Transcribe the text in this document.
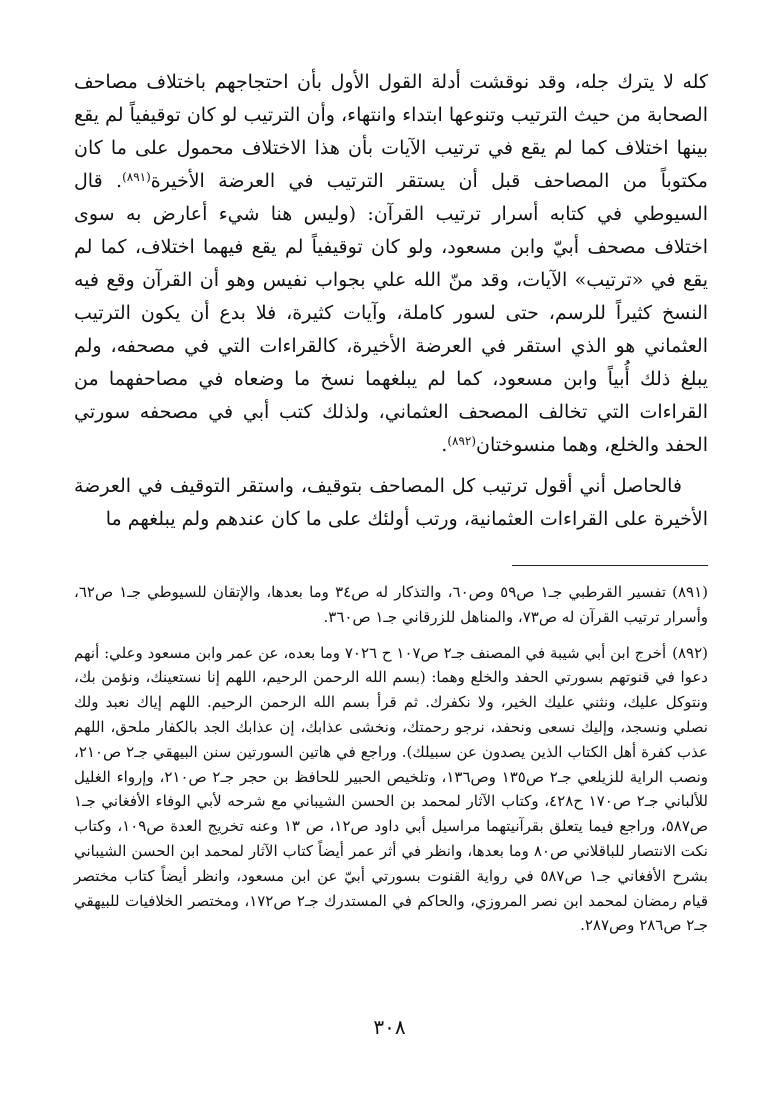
كله لا يترك جله، وقد نوقشت أدلة القول الأول بأن احتجاجهم باختلاف مصاحف الصحابة من حيث الترتيب وتنوعها ابتداء وانتهاء، وأن الترتيب لو كان توقيفياً لم يقع بينها اختلاف كما لم يقع في ترتيب الآيات بأن هذا الاختلاف محمول على ما كان مكتوباً من المصاحف قبل أن يستقر الترتيب في العرضة الأخيرة$^{(٨٩١)}$. قال السيوطي في كتابه أسرار ترتيب القرآن: (وليس هنا شيء أعارض به سوى اختلاف مصحف أبيّ وابن مسعود، ولو كان توقيفياً لم يقع فيهما اختلاف، كما لم يقع في «ترتيب» الآيات، وقد منّ الله علي بجواب نفيس وهو أن القرآن وقع فيه النسخ كثيراً للرسم، حتى لسور كاملة، وآيات كثيرة، فلا بدع أن يكون الترتيب العثماني هو الذي استقر في العرضة الأخيرة، كالقراءات التي في مصحفه، ولم يبلغ ذلك أُبياً وابن مسعود، كما لم يبلغهما نسخ ما وضعاه في مصاحفهما من القراءات التي تخالف المصحف العثماني، ولذلك كتب أبي في مصحفه سورتي الحفد والخلع، وهما منسوختان$^{(٨٩٢)}$.

فالحاصل أني أقول ترتيب كل المصاحف بتوقيف، واستقر التوقيف في العرضة الأخيرة على القراءات العثمانية، ورتب أولئك على ما كان عندهم ولم يبلغهم ما

(٨٩١)تفسير القرطبي جـ١ ص٥٩ وص٦٠، والتذكار له ص٣٤ وما بعدها، والإتقان للسيوطي جـ١ ص٦٢، وأسرار ترتيب القرآن له ص٧٣، والمناهل للزرقاني جـ١ ص٣٦٠.

(٨٩٢)أخرج ابن أبي شيبة في المصنف جـ٢ ص١٠٧ ح ٧٠٢٦ وما بعده، عن عمر وابن مسعود وعلي: أنهم دعوا في قنوتهم بسورتي الحفد والخلع وهما: (بسم الله الرحمن الرحيم، اللهم إنا نستعينك، ونؤمن بك، ونتوكل عليك، ونثني عليك الخير، ولا نكفرك. ثم قرأ بسم الله الرحمن الرحيم. اللهم إياك نعبد ولك نصلي ونسجد، وإليك نسعى ونحفد، نرجو رحمتك، ونخشى عذابك، إن عذابك الجد بالكفار ملحق، اللهم عذب كفرة أهل الكتاب الذين يصدون عن سبيلك). وراجع في هاتين السورتين سنن البيهقي جـ٢ ص٢١٠، ونصب الراية للزيلعي جـ٢ ص١٣٥ وص١٣٦، وتلخيص الحبير للحافظ بن حجر جـ٢ ص٢١٠، وإرواء الغليل للألباني جـ٢ ص١٧٠ ح٤٢٨، وكتاب الآثار لمحمد بن الحسن الشيباني مع شرحه لأبي الوفاء الأفغاني جـ١ ص٥٨٧، وراجع فيما يتعلق بقرآنيتهما مراسيل أبي داود ص١٢، ص ١٣ وعنه تخريج العدة ص١٠٩، وكتاب نكت الانتصار للباقلاني ص٨٠ وما بعدها، وانظر في أثر عمر أيضاً كتاب الآثار لمحمد ابن الحسن الشيباني بشرح الأفغاني جـ١ ص٥٨٧ في رواية القنوت بسورتي أبيّ عن ابن مسعود، وانظر أيضاً كتاب مختصر قيام رمضان لمحمد ابن نصر المروزي، والحاكم في المستدرك جـ٢ ص١٧٢، ومختصر الخلافيات للبيهقي جـ٢ ص٢٨٦ وص٢٨٧.

٣٠٨
